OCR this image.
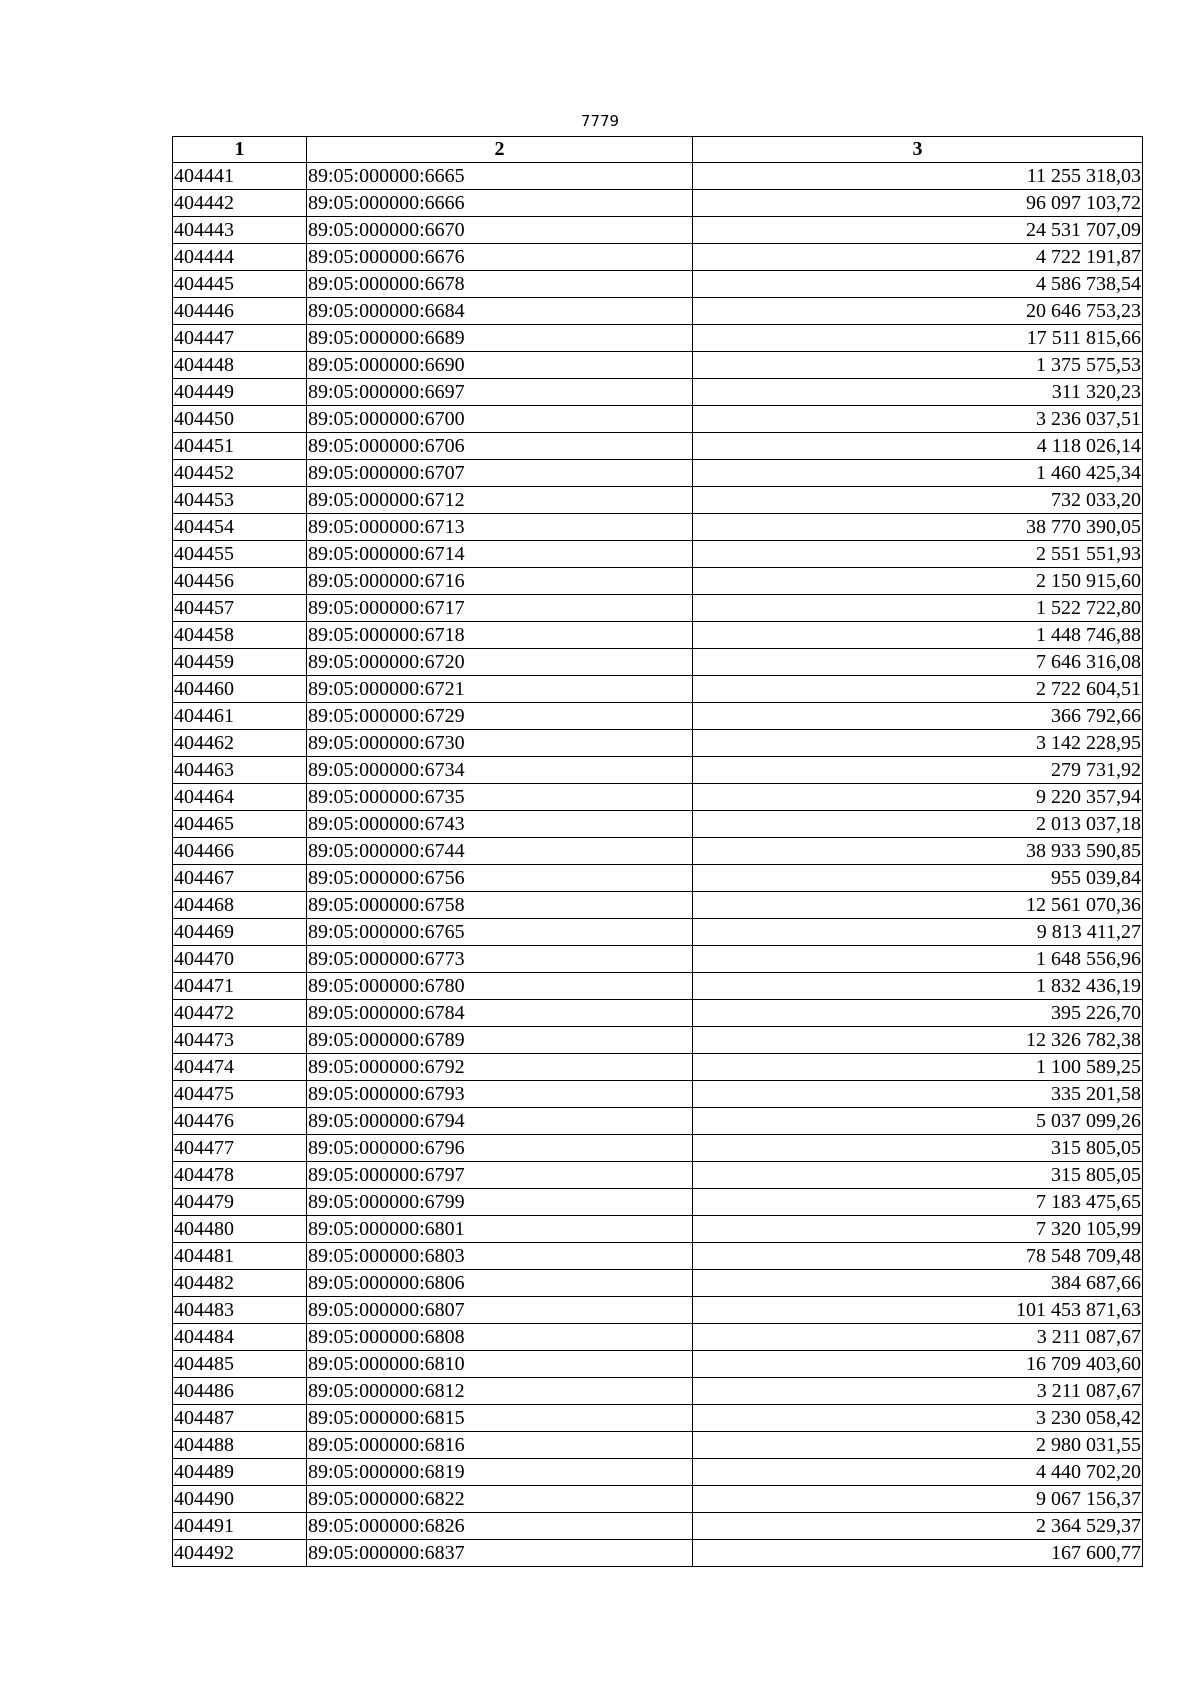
7779
1	2	3
404441	89:05:000000:6665	11 255 318,03
404442	89:05:000000:6666	96 097 103,72
404443	89:05:000000:6670	24 531 707,09
404444	89:05:000000:6676	4 722 191,87
404445	89:05:000000:6678	4 586 738,54
404446	89:05:000000:6684	20 646 753,23
404447	89:05:000000:6689	17 511 815,66
404448	89:05:000000:6690	1 375 575,53
404449	89:05:000000:6697	311 320,23
404450	89:05:000000:6700	3 236 037,51
404451	89:05:000000:6706	4 118 026,14
404452	89:05:000000:6707	1 460 425,34
404453	89:05:000000:6712	732 033,20
404454	89:05:000000:6713	38 770 390,05
404455	89:05:000000:6714	2 551 551,93
404456	89:05:000000:6716	2 150 915,60
404457	89:05:000000:6717	1 522 722,80
404458	89:05:000000:6718	1 448 746,88
404459	89:05:000000:6720	7 646 316,08
404460	89:05:000000:6721	2 722 604,51
404461	89:05:000000:6729	366 792,66
404462	89:05:000000:6730	3 142 228,95
404463	89:05:000000:6734	279 731,92
404464	89:05:000000:6735	9 220 357,94
404465	89:05:000000:6743	2 013 037,18
404466	89:05:000000:6744	38 933 590,85
404467	89:05:000000:6756	955 039,84
404468	89:05:000000:6758	12 561 070,36
404469	89:05:000000:6765	9 813 411,27
404470	89:05:000000:6773	1 648 556,96
404471	89:05:000000:6780	1 832 436,19
404472	89:05:000000:6784	395 226,70
404473	89:05:000000:6789	12 326 782,38
404474	89:05:000000:6792	1 100 589,25
404475	89:05:000000:6793	335 201,58
404476	89:05:000000:6794	5 037 099,26
404477	89:05:000000:6796	315 805,05
404478	89:05:000000:6797	315 805,05
404479	89:05:000000:6799	7 183 475,65
404480	89:05:000000:6801	7 320 105,99
404481	89:05:000000:6803	78 548 709,48
404482	89:05:000000:6806	384 687,66
404483	89:05:000000:6807	101 453 871,63
404484	89:05:000000:6808	3 211 087,67
404485	89:05:000000:6810	16 709 403,60
404486	89:05:000000:6812	3 211 087,67
404487	89:05:000000:6815	3 230 058,42
404488	89:05:000000:6816	2 980 031,55
404489	89:05:000000:6819	4 440 702,20
404490	89:05:000000:6822	9 067 156,37
404491	89:05:000000:6826	2 364 529,37
404492	89:05:000000:6837	167 600,77
